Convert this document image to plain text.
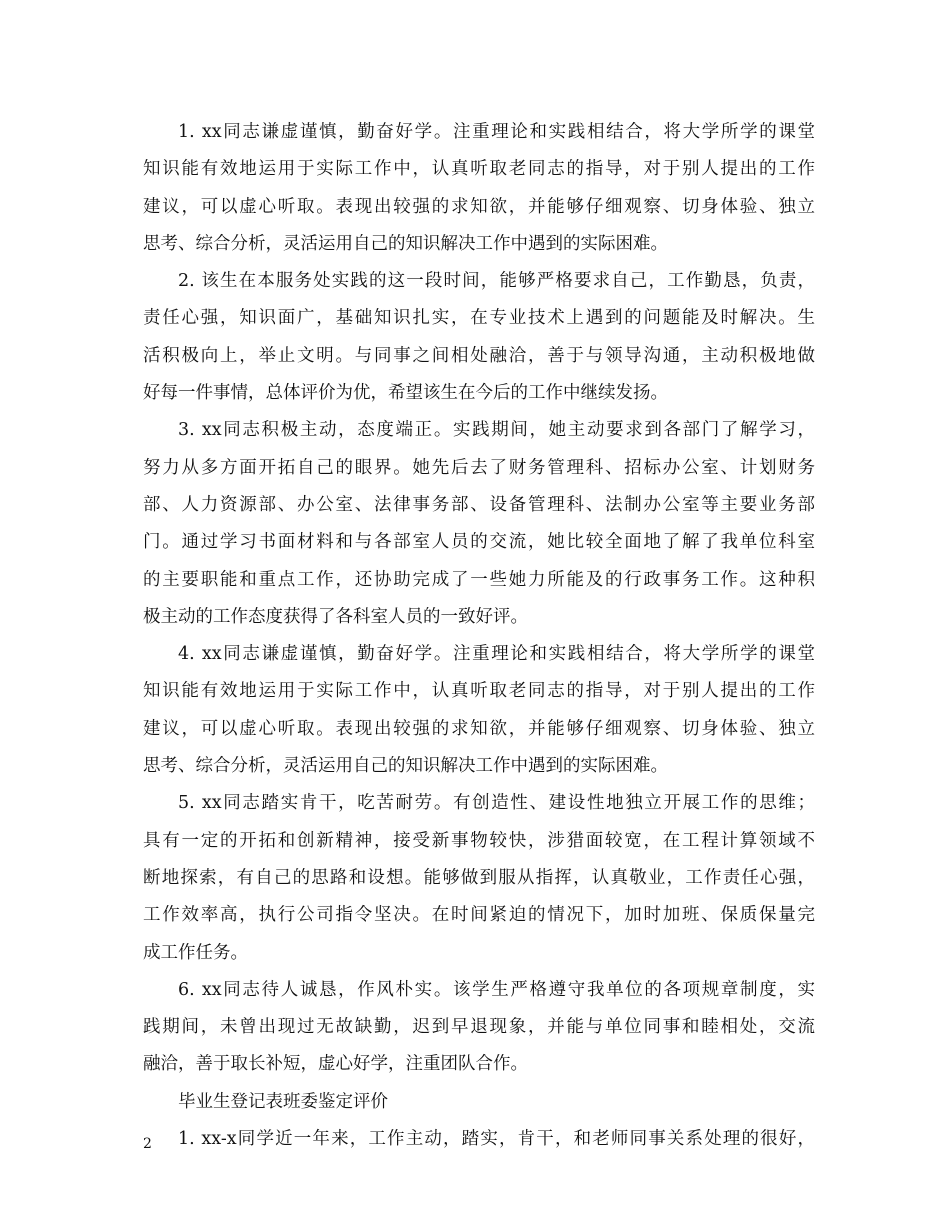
1. xx同志谦虚谨慎，勤奋好学。注重理论和实践相结合，将大学所学的课堂
知识能有效地运用于实际工作中，认真听取老同志的指导，对于别人提出的工作
建议，可以虚心听取。表现出较强的求知欲，并能够仔细观察、切身体验、独立
思考、综合分析，灵活运用自己的知识解决工作中遇到的实际困难。
2. 该生在本服务处实践的这一段时间，能够严格要求自己，工作勤恳，负责，
责任心强，知识面广，基础知识扎实，在专业技术上遇到的问题能及时解决。生
活积极向上，举止文明。与同事之间相处融洽，善于与领导沟通，主动积极地做
好每一件事情，总体评价为优，希望该生在今后的工作中继续发扬。
3. xx同志积极主动，态度端正。实践期间，她主动要求到各部门了解学习，
努力从多方面开拓自己的眼界。她先后去了财务管理科、招标办公室、计划财务
部、人力资源部、办公室、法律事务部、设备管理科、法制办公室等主要业务部
门。通过学习书面材料和与各部室人员的交流，她比较全面地了解了我单位科室
的主要职能和重点工作，还协助完成了一些她力所能及的行政事务工作。这种积
极主动的工作态度获得了各科室人员的一致好评。
4. xx同志谦虚谨慎，勤奋好学。注重理论和实践相结合，将大学所学的课堂
知识能有效地运用于实际工作中，认真听取老同志的指导，对于别人提出的工作
建议，可以虚心听取。表现出较强的求知欲，并能够仔细观察、切身体验、独立
思考、综合分析，灵活运用自己的知识解决工作中遇到的实际困难。
5. xx同志踏实肯干，吃苦耐劳。有创造性、建设性地独立开展工作的思维；
具有一定的开拓和创新精神，接受新事物较快，涉猎面较宽，在工程计算领域不
断地探索，有自己的思路和设想。能够做到服从指挥，认真敬业，工作责任心强，
工作效率高，执行公司指令坚决。在时间紧迫的情况下，加时加班、保质保量完
成工作任务。
6. xx同志待人诚恳，作风朴实。该学生严格遵守我单位的各项规章制度，实
践期间，未曾出现过无故缺勤，迟到早退现象，并能与单位同事和睦相处，交流
融洽，善于取长补短，虚心好学，注重团队合作。
毕业生登记表班委鉴定评价
1. xx-x同学近一年来，工作主动，踏实，肯干，和老师同事关系处理的很好，
2
